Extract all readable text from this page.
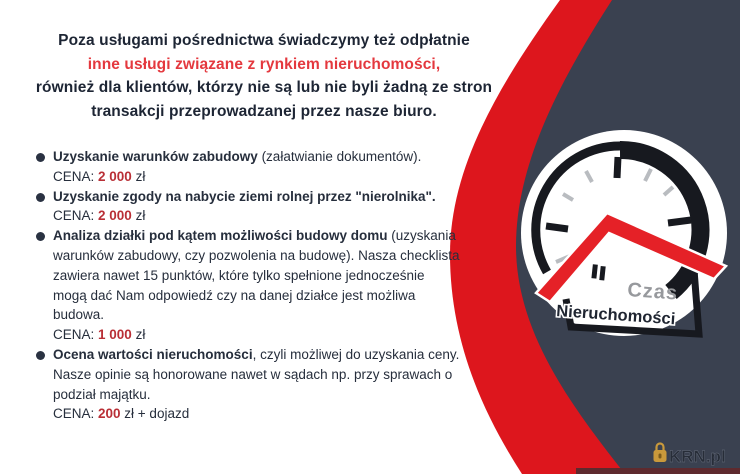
Czas
Nieruchomości
KRN.pl
Poza usługami pośrednictwa świadczymy też odpłatnie
inne usługi związane z rynkiem nieruchomości,
również dla klientów, którzy nie są lub nie byli żadną ze stron
transakcji przeprowadzanej przez nasze biuro.
Uzyskanie warunków zabudowy (załatwianie dokumentów).
CENA: 2 000 zł
Uzyskanie zgody na nabycie ziemi rolnej przez "nierolnika".
CENA: 2 000 zł
Analiza działki pod kątem możliwości budowy domu (uzyskania warunków zabudowy, czy pozwolenia na budowę). Nasza checklista zawiera nawet 15 punktów, które tylko spełnione jednocześnie mogą dać Nam odpowiedź czy na danej działce jest możliwa budowa.
CENA: 1 000 zł
Ocena wartości nieruchomości, czyli możliwej do uzyskania ceny. Nasze opinie są honorowane nawet w sądach np. przy sprawach o podział majątku.
CENA: 200 zł + dojazd
